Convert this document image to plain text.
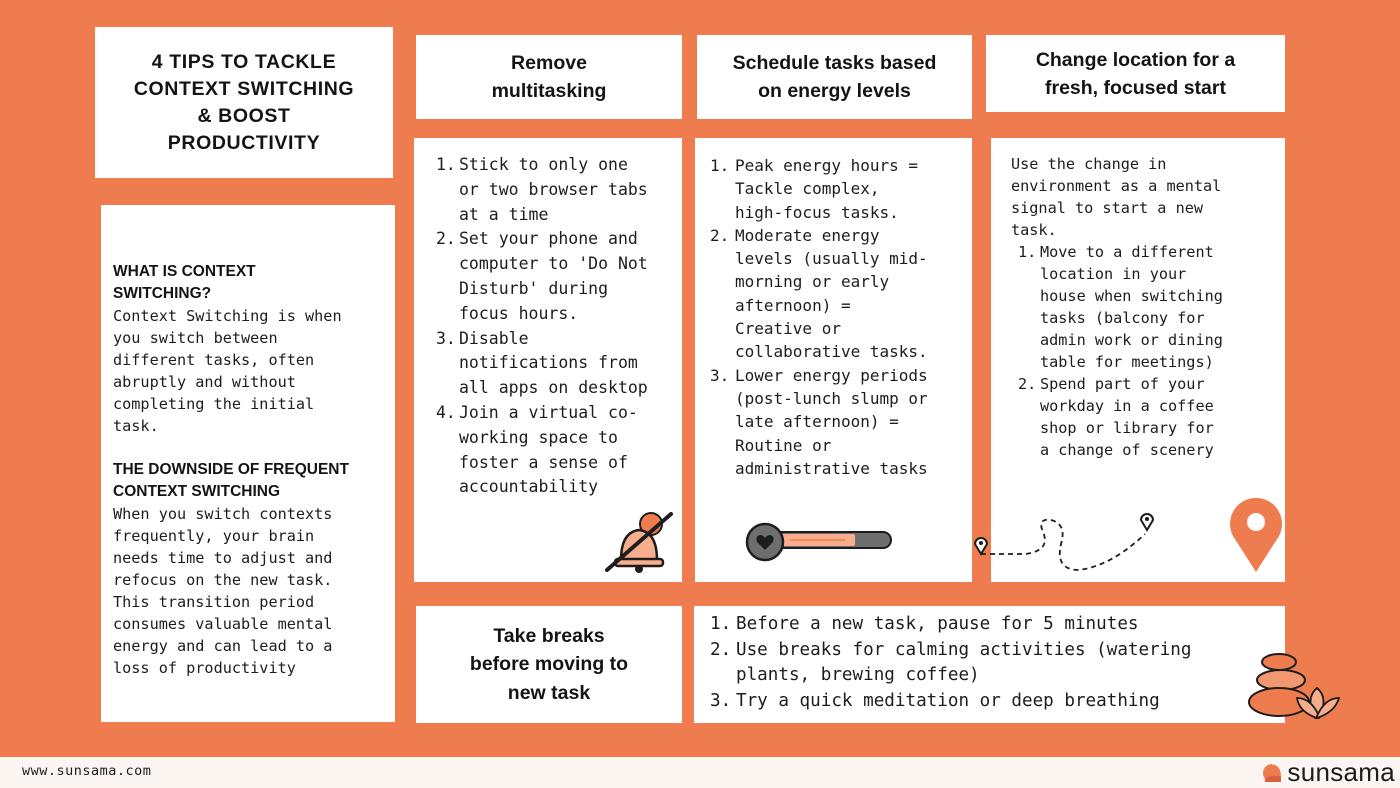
4 TIPS TO TACKLE
CONTEXT SWITCHING
& BOOST
PRODUCTIVITY
WHAT IS CONTEXT
SWITCHING?
Context Switching is when
you switch between
different tasks, often
abruptly and without
completing the initial
task.
THE DOWNSIDE OF FREQUENT
CONTEXT SWITCHING
When you switch contexts
frequently, your brain
needs time to adjust and
refocus on the new task.
This transition period
consumes valuable mental
energy and can lead to a
loss of productivity
Remove
multitasking
Schedule tasks based
on energy levels
Change location for a
fresh, focused start
1. Stick to only one
or two browser tabs
at a time
2. Set your phone and
computer to 'Do Not
Disturb' during
focus hours.
3. Disable
notifications from
all apps on desktop
4. Join a virtual co-
working space to
foster a sense of
accountability
1. Peak energy hours =
Tackle complex,
high-focus tasks.
2. Moderate energy
levels (usually mid-
morning or early
afternoon) =
Creative or
collaborative tasks.
3. Lower energy periods
(post-lunch slump or
late afternoon) =
Routine or
administrative tasks
Use the change in
environment as a mental
signal to start a new
task.
1. Move to a different
location in your
house when switching
tasks (balcony for
admin work or dining
table for meetings)
2. Spend part of your
workday in a coffee
shop or library for
a change of scenery
Take breaks
before moving to
new task
1. Before a new task, pause for 5 minutes
2. Use breaks for calming activities (watering
plants, brewing coffee)
3. Try a quick meditation or deep breathing
www.sunsama.com	sunsama
